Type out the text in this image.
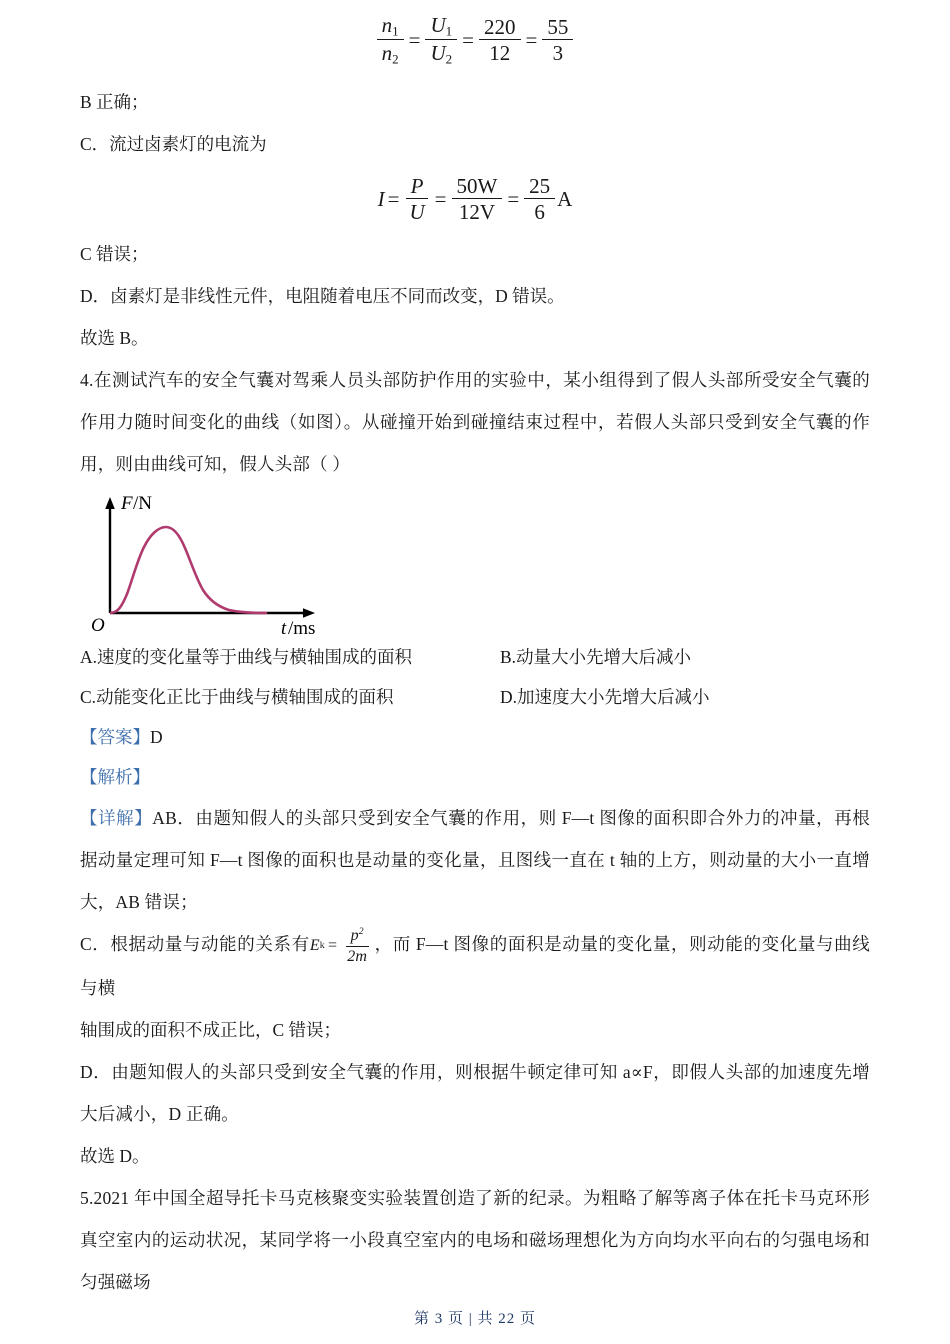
$\frac{n_1}{n_2} = \frac{U_1}{U_2} = \frac{220}{12} = \frac{55}{3}$
B 正确；
C．流过卤素灯的电流为
$I = \frac{P}{U} = \frac{50W}{12V} = \frac{25}{6}$ A
C 错误；
D．卤素灯是非线性元件，电阻随着电压不同而改变，D 错误。
故选 B。
4.在测试汽车的安全气囊对驾乘人员头部防护作用的实验中，某小组得到了假人头部所受安全气囊的作用力随时间变化的曲线（如图）。从碰撞开始到碰撞结束过程中，若假人头部只受到安全气囊的作用，则由曲线可知，假人头部（ ）
F /N
O	t /ms
A.速度的变化量等于曲线与横轴围成的面积	B.动量大小先增大后减小
C.动能变化正比于曲线与横轴围成的面积	D.加速度大小先增大后减小
【答案】D
【解析】
【详解】AB．由题知假人的头部只受到安全气囊的作用，则 F—t 图像的面积即合外力的冲量，再根据动量定理可知 F—t 图像的面积也是动量的变化量，且图线一直在 t 轴的上方，则动量的大小一直增大，AB 错误；
C．根据动量与动能的关系有 E $k = \frac{p^2}{2m}$ ，而 F—t 图像的面积是动量的变化量，则动能的变化量与曲线与横
轴围成的面积不成正比，C 错误；
D．由题知假人的头部只受到安全气囊的作用，则根据牛顿定律可知 a∝F，即假人头部的加速度先增大后减小，D 正确。
故选 D。
5.2021 年中国全超导托卡马克核聚变实验装置创造了新的纪录。为粗略了解等离子体在托卡马克环形真空室内的运动状况，某同学将一小段真空室内的电场和磁场理想化为方向均水平向右的匀强电场和匀强磁场
第 3 页 | 共 22 页
